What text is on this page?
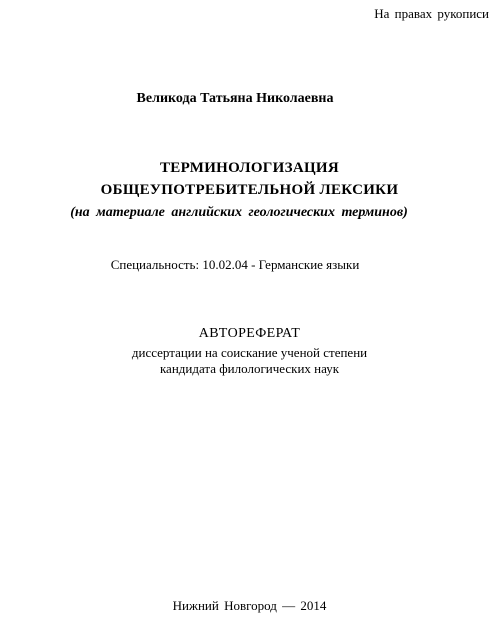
На правах рукописи

Великода Татьяна Николаевна

ТЕРМИНОЛОГИЗАЦИЯ

ОБЩЕУПОТРЕБИТЕЛЬНОЙ ЛЕКСИКИ

(на материале английских геологических терминов)

Специальность: 10.02.04 - Германские языки

АВТОРЕФЕРАТ

диссертации на соискание ученой степени

кандидата филологических наук

Нижний Новгород — 2014
